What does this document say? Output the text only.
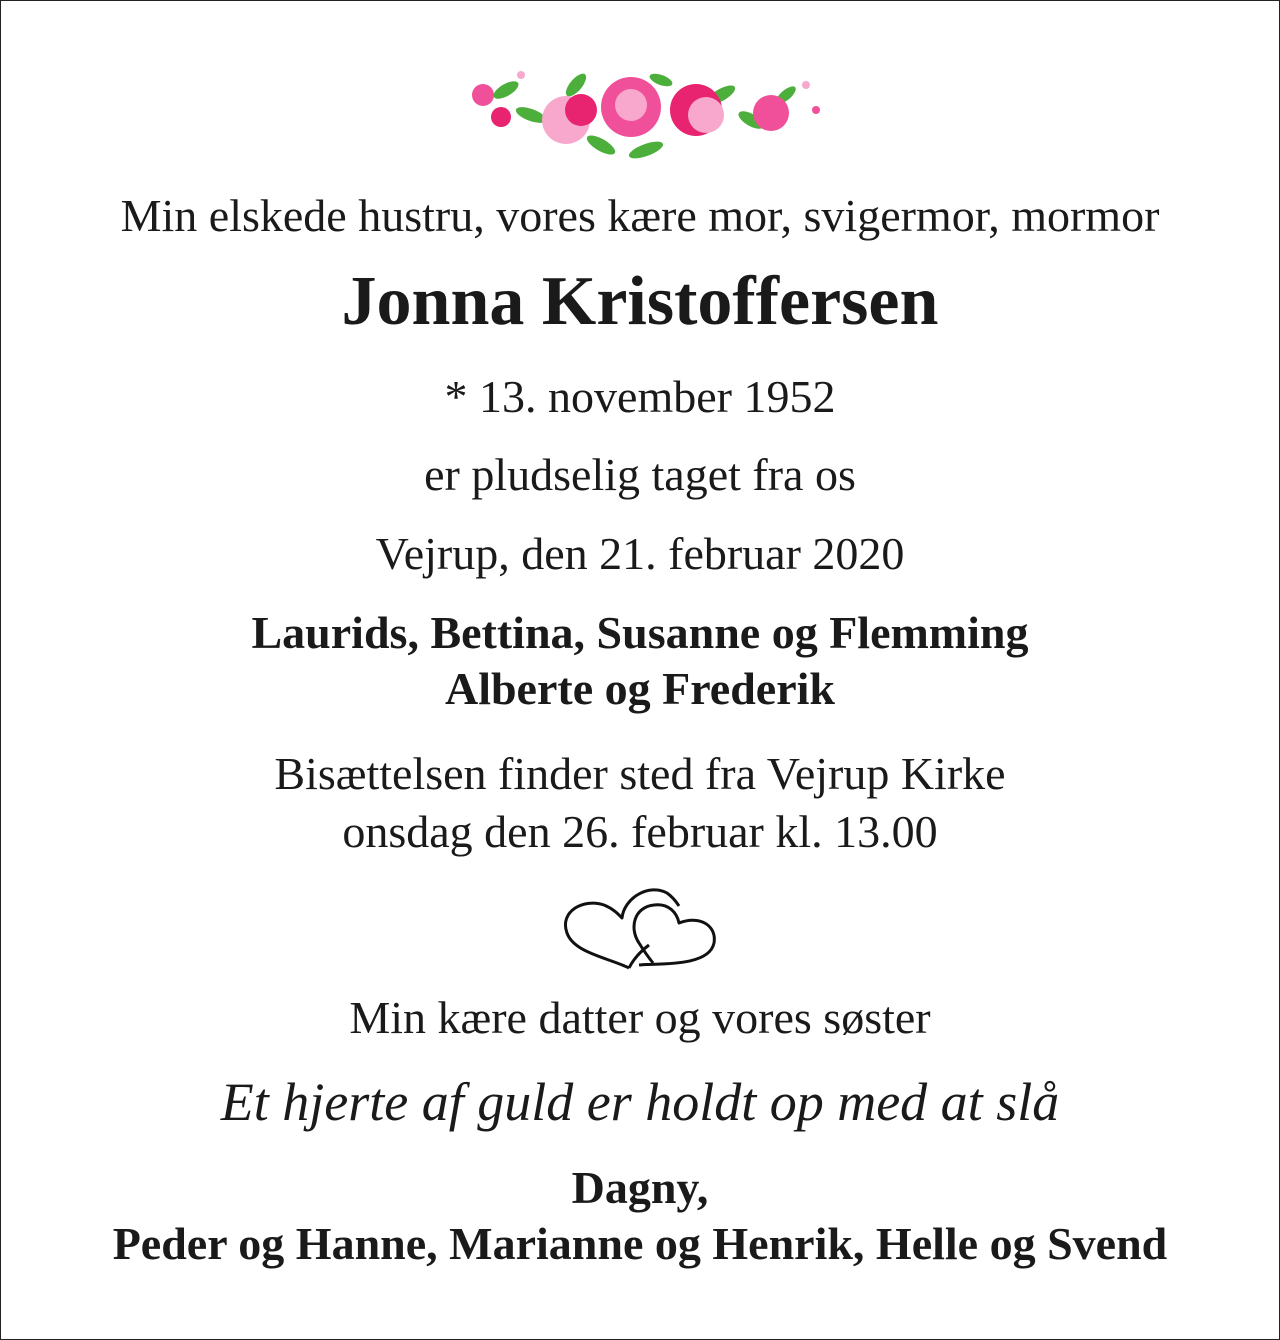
Min elskede hustru, vores kære mor, svigermor, mormor
Jonna Kristoffersen
* 13. november 1952
er pludselig taget fra os
Vejrup, den 21. februar 2020
Laurids, Bettina, Susanne og Flemming
Alberte og Frederik
Bisættelsen finder sted fra Vejrup Kirke
onsdag den 26. februar kl. 13.00
Min kære datter og vores søster
Et hjerte af guld er holdt op med at slå
Dagny,
Peder og Hanne, Marianne og Henrik, Helle og Svend
